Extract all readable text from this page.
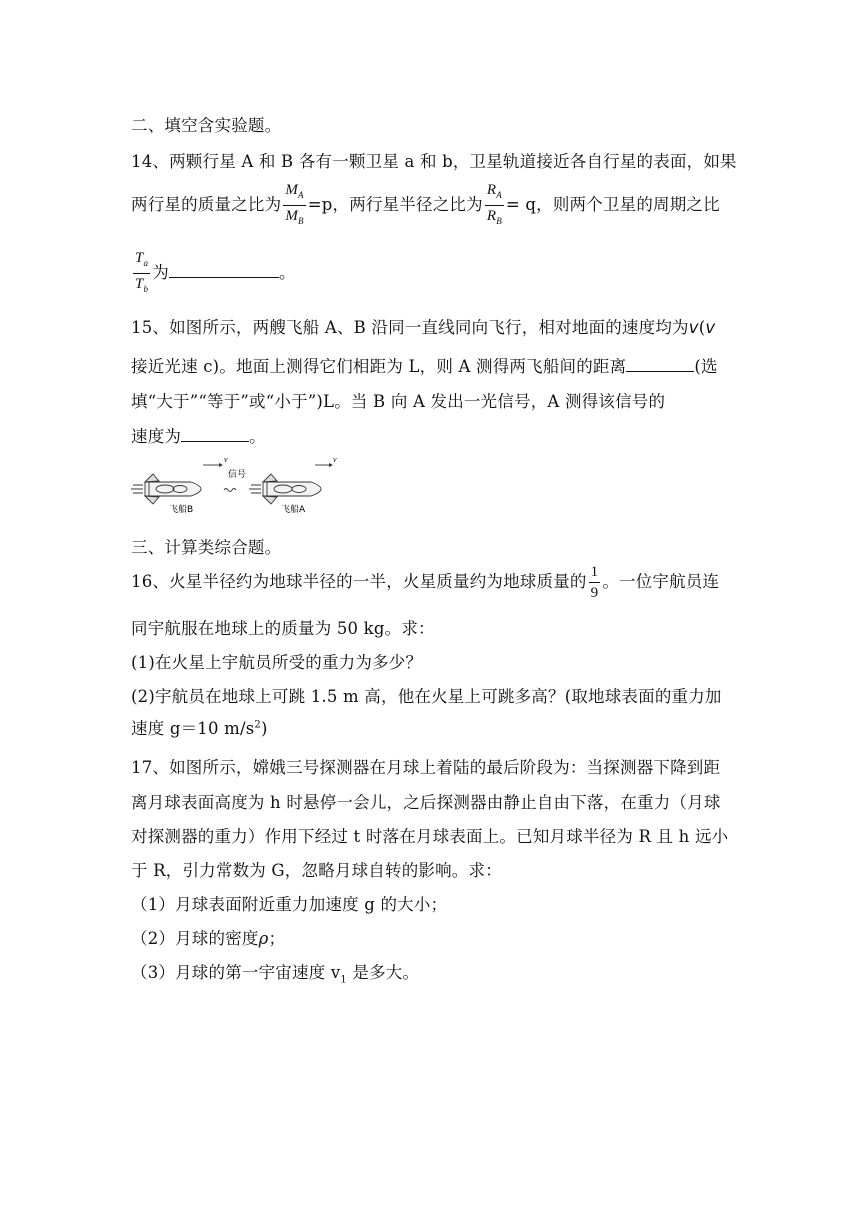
二、填空含实验题。
14、两颗行星 A 和 B 各有一颗卫星 a 和 b，卫星轨道接近各自行星的表面，如果
两行星的质量之比为 $\frac{M_A}{M_B} =p$，两行星半径之比为 $\frac{R_A}{R_B} = q$，则两个卫星的周期之比
$\frac{T_a}{T_b}$ 为	。
15、如图所示，两艘飞船 A、B 沿同一直线同向飞行，相对地面的速度均为v(v
接近光速 c)。地面上测得它们相距为 L，则 A 测得两飞船间的距离	(选
填“大于”“等于”或“小于”)L。当 B 向 A 发出一光信号，A 测得该信号的
速度为	。
v
信号
v
飞船B	飞船A
三、计算类综合题。
16、火星半径约为地球半径的一半，火星质量约为地球质量的 $\frac{1}{9}$ 。一位宇航员连
同宇航服在地球上的质量为 50 kg。求：
(1)在火星上宇航员所受的重力为多少？
(2)宇航员在地球上可跳 1.5 m 高，他在火星上可跳多高？(取地球表面的重力加
速度 g＝10 $m/s^2$)
17、如图所示，嫦娥三号探测器在月球上着陆的最后阶段为：当探测器下降到距
离月球表面高度为 h 时悬停一会儿，之后探测器由静止自由下落，在重力（月球
对探测器的重力）作用下经过 t 时落在月球表面上。已知月球半径为 R 且 h 远小
于 R，引力常数为 G，忽略月球自转的影响。求：
（1）月球表面附近重力加速度 g 的大小；
（2）月球的密度ρ；
（3）月球的第一宇宙速度 $v_1$ 是多大。
